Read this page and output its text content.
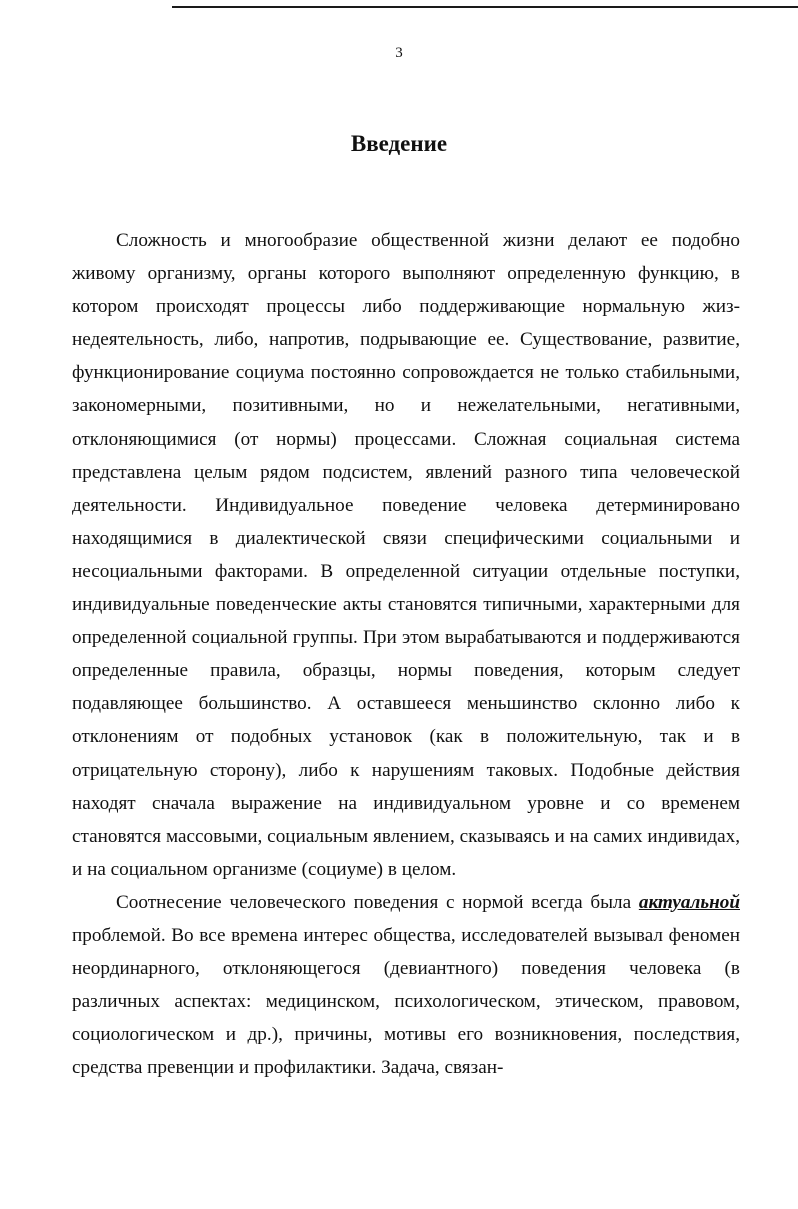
3
Введение

Сложность и многообразие общественной жизни делают ее подобно живому организму, органы которого выполняют определенную функцию, в котором происходят процессы либо поддерживающие нормальную жизнедеятельность, либо, напротив, подрывающие ее. Существование, развитие, функционирование социума постоянно сопровождается не только стабильными, закономерными, позитивными, но и нежелательными, негативными, отклоняющимися (от нормы) процессами. Сложная социальная система представлена целым рядом подсистем, явлений разного типа человеческой деятельности. Индивидуальное поведение человека детерминировано находящимися в диалектической связи специфическими социальными и несоциальными факторами. В определенной ситуации отдельные поступки, индивидуальные поведенческие акты становятся типичными, характерными для определенной социальной группы. При этом вырабатываются и поддерживаются определенные правила, образцы, нормы поведения, которым следует подавляющее большинство. А оставшееся меньшинство склонно либо к отклонениям от подобных установок (как в положительную, так и в отрицательную сторону), либо к нарушениям таковых. Подобные действия находят сначала выражение на индивидуальном уровне и со временем становятся массовыми, социальным явлением, сказываясь и на самих индивидах, и на социальном организме (социуме) в целом.

Соотнесение человеческого поведения с нормой всегда была актуальной проблемой. Во все времена интерес общества, исследователей вызывал феномен неординарного, отклоняющегося (девиантного) поведения человека (в различных аспектах: медицинском, психологическом, этическом, правовом, социологическом и др.), причины, мотивы его возникновения, последствия, средства превенции и профилактики. Задача, связан-
